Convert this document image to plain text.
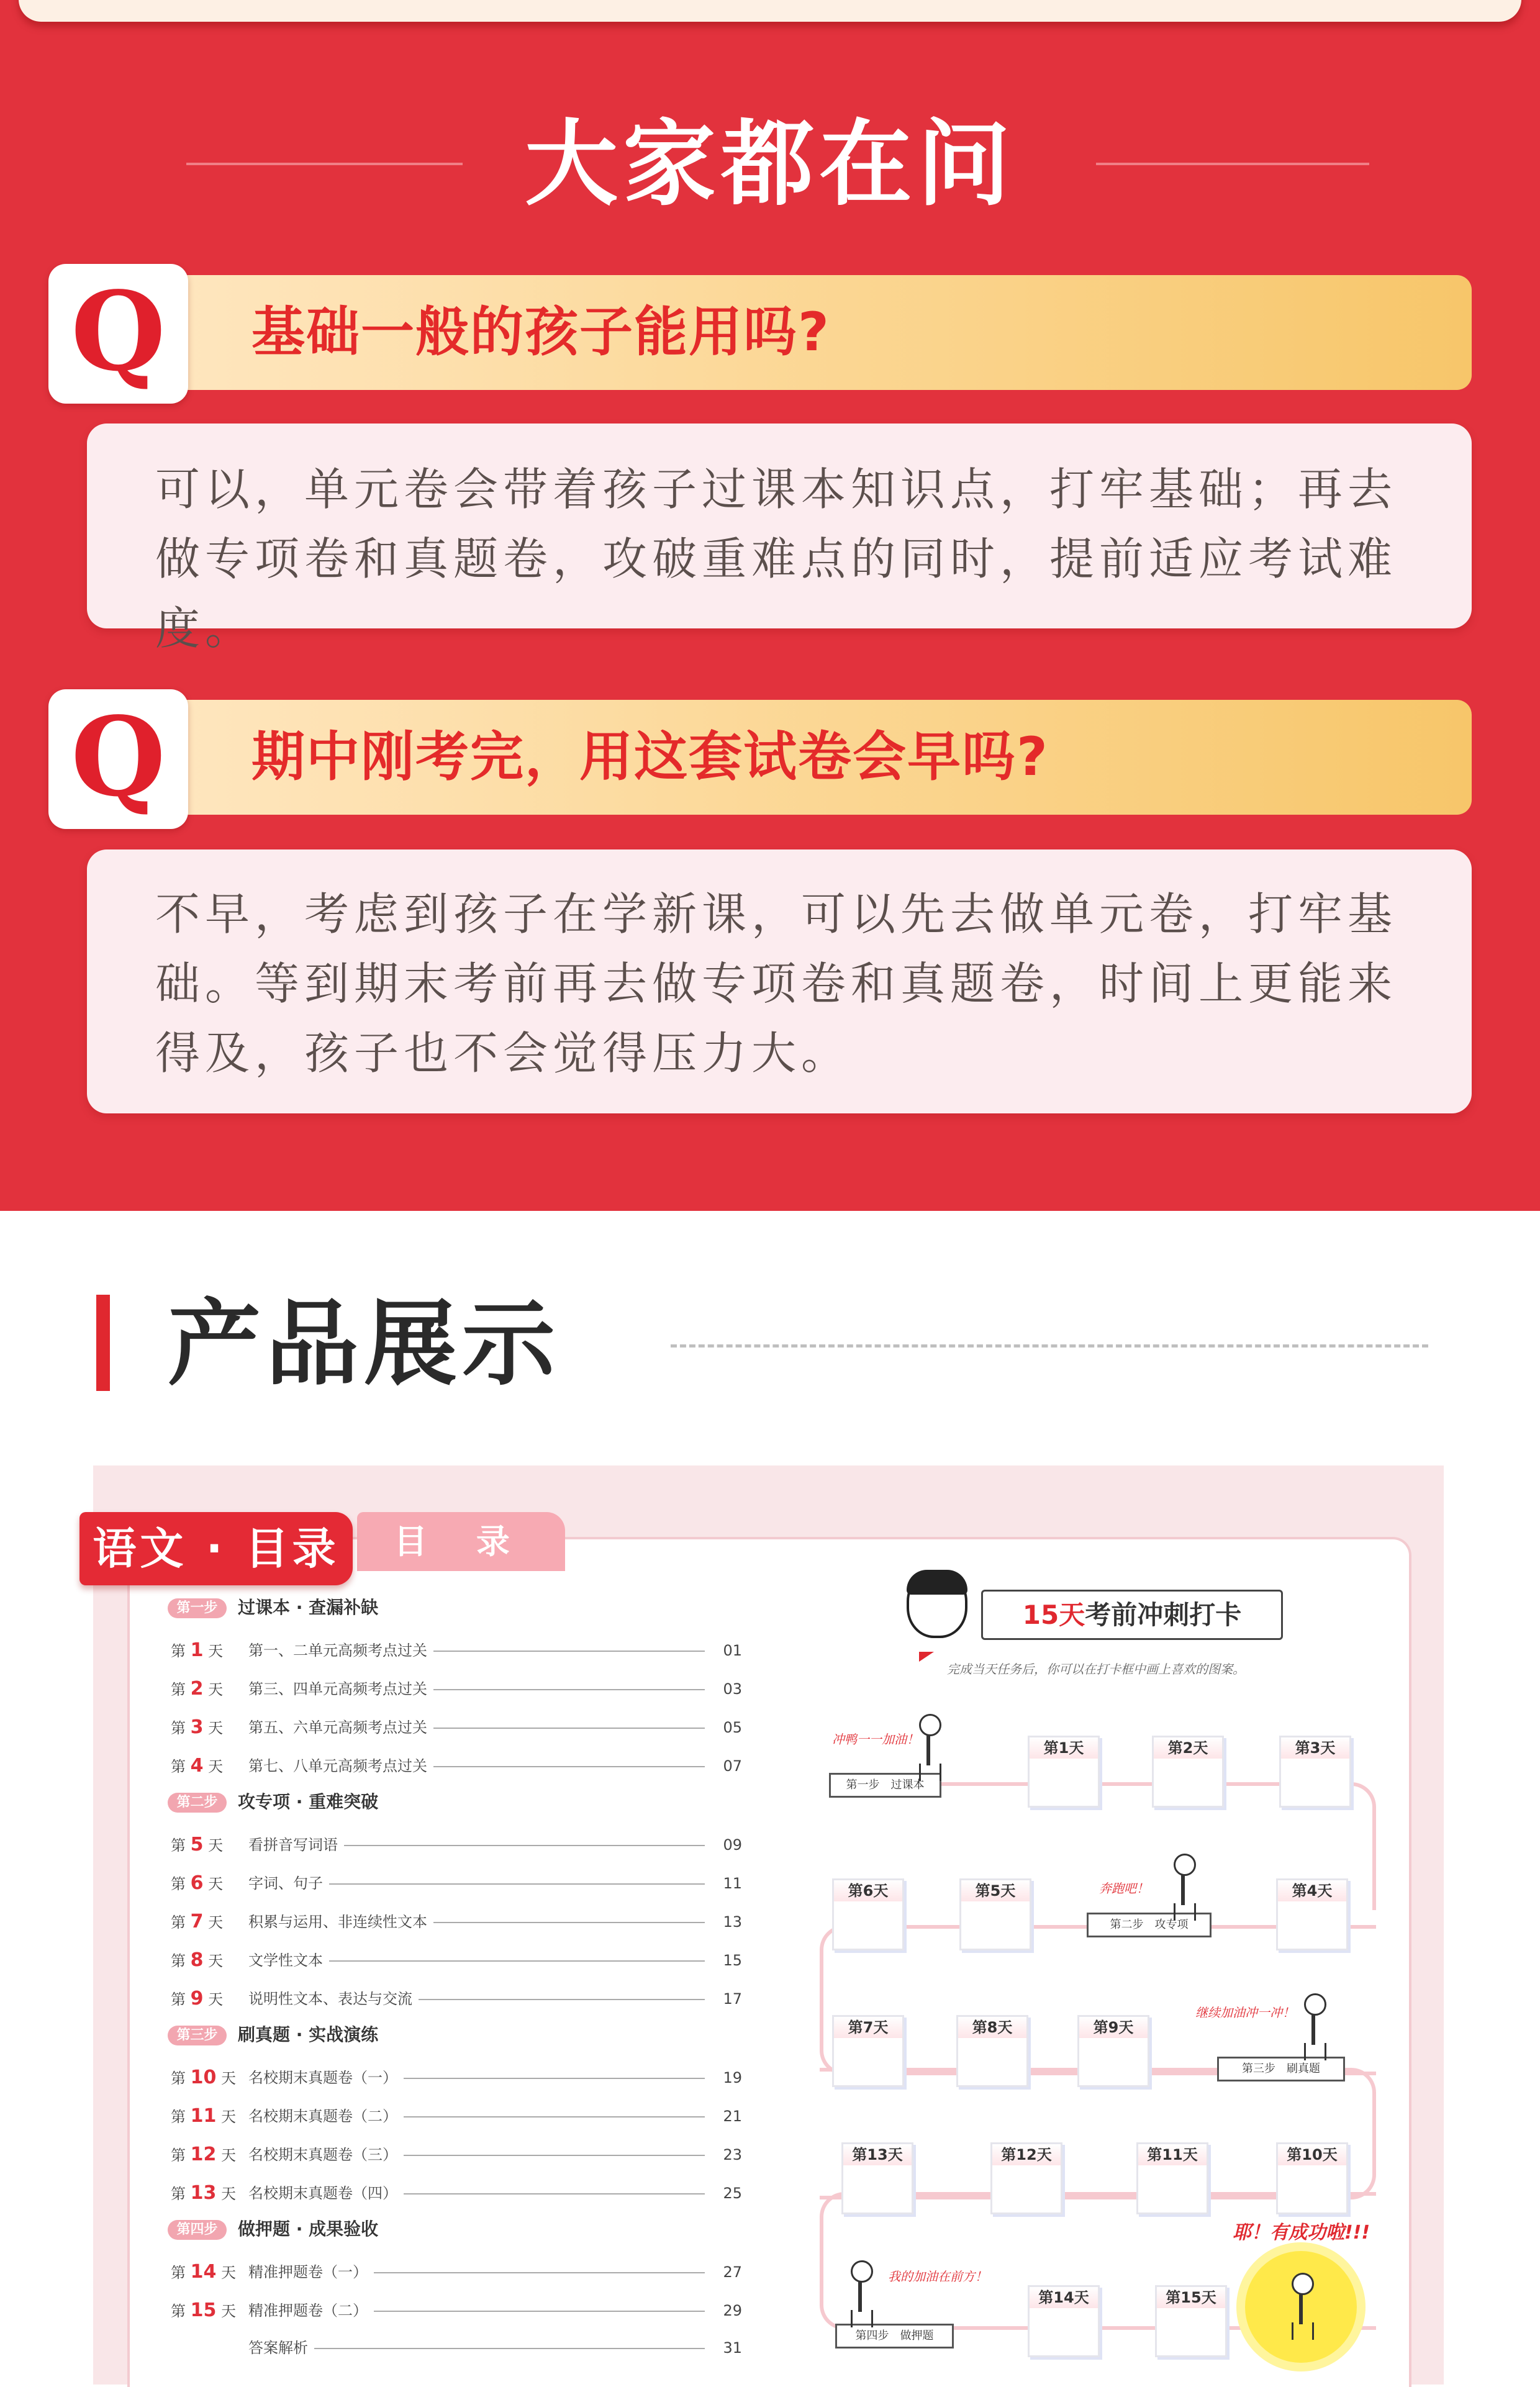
大家都在问
基础一般的孩子能用吗?
Q
可以，单元卷会带着孩子过课本知识点，打牢基础；再去做专项卷和真题卷，攻破重难点的同时，提前适应考试难度。
期中刚考完，用这套试卷会早吗?
Q
不早，考虑到孩子在学新课，可以先去做单元卷，打牢基础。等到期末考前再去做专项卷和真题卷，时间上更能来得及，孩子也不会觉得压力大。
产品展示
目 录
语文 · 目录
第一步 过课本 · 查漏补缺
第 1 天	第一、二单元高频考点过关	01
第 2 天	第三、四单元高频考点过关	03
第 3 天	第五、六单元高频考点过关	05
第 4 天	第七、八单元高频考点过关	07
第二步 攻专项 · 重难突破
第 5 天	看拼音写词语	09
第 6 天	字词、句子	11
第 7 天	积累与运用、非连续性文本	13
第 8 天	文学性文本	15
第 9 天	说明性文本、表达与交流	17
第三步 刷真题 · 实战演练
第 10 天 名校期末真题卷（一）	19
第 11 天 名校期末真题卷（二）	21
第 12 天 名校期末真题卷（三）	23
第 13 天 名校期末真题卷（四）	25
第四步 做押题 · 成果验收
第 14 天 精准押题卷（一）	27
第 15 天 精准押题卷（二）	29
答案解析	31
15天考前冲刺打卡
完成当天任务后，你可以在打卡框中画上喜欢的图案。
第1天	第2天	第3天
第4天
第5天
第6天
第7天	第8天	第9天
第10天
第11天
第12天
第13天
第14天	第15天
第一步　 过课本
第二步　 攻专项
第三步　 刷真题
第四步　 做押题
冲鸭一一加油！
奔跑吧！
继续加油冲一冲！
我的加油在前方！
耶！有成功啦!!!
